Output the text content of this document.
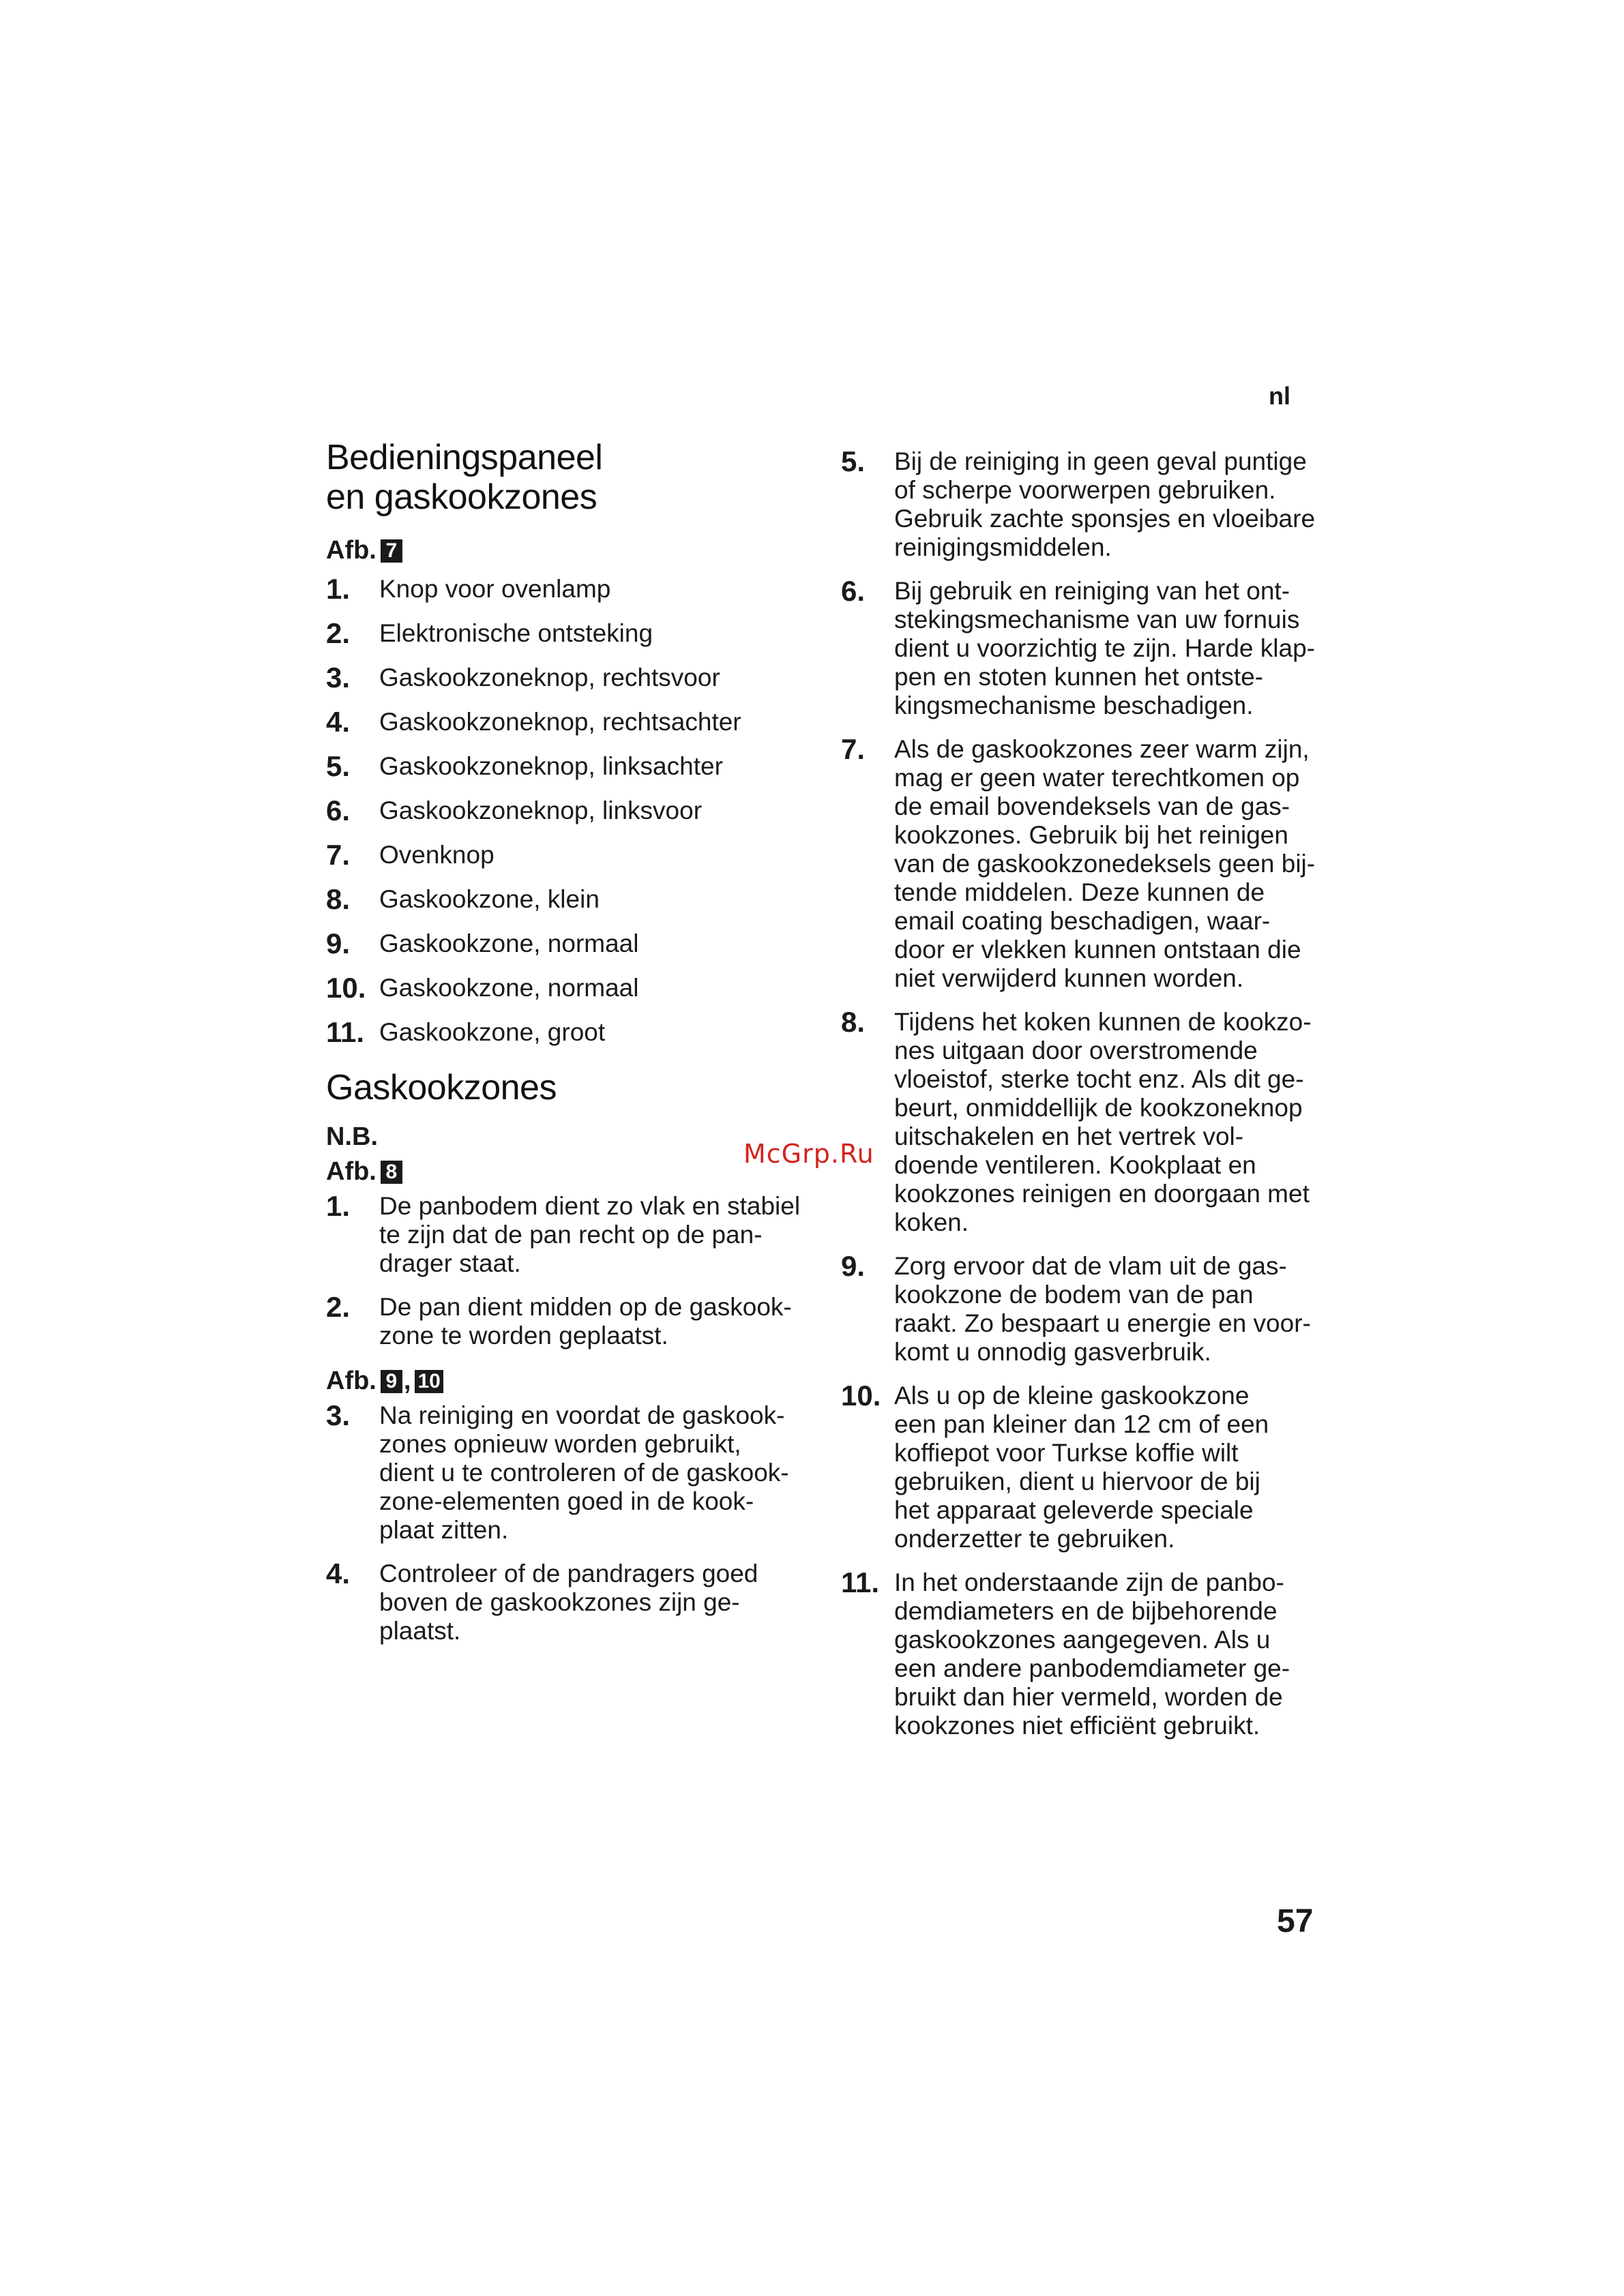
nl
McGrp.Ru
Bedieningspaneel
en gaskookzones
Afb. 7
1.	Knop voor ovenlamp
2.	Elektronische ontsteking
3.	Gaskookzoneknop, rechtsvoor
4.	Gaskookzoneknop, rechtsachter
5.	Gaskookzoneknop, linksachter
6.	Gaskookzoneknop, linksvoor
7.	Ovenknop
8.	Gaskookzone, klein
9.	Gaskookzone, normaal
10. Gaskookzone, normaal
11. Gaskookzone, groot
Gaskookzones
N.B.
Afb. 8
1.	De panbodem dient zo vlak en stabiel
te zijn dat de pan recht op de pan-
drager staat.
2.	De pan dient midden op de gaskook-
zone te worden geplaatst.
Afb. 9 , 10
3.	Na reiniging en voordat de gaskook-
zones opnieuw worden gebruikt,
dient u te controleren of de gaskook-
zone-elementen goed in de kook-
plaat zitten.
4.	Controleer of de pandragers goed
boven de gaskookzones zijn ge-
plaatst.
5.	Bij de reiniging in geen geval puntige
of scherpe voorwerpen gebruiken.
Gebruik zachte sponsjes en vloeibare
reinigingsmiddelen.
6.	Bij gebruik en reiniging van het ont-
stekingsmechanisme van uw fornuis
dient u voorzichtig te zijn. Harde klap-
pen en stoten kunnen het ontste-
kingsmechanisme beschadigen.
7.	Als de gaskookzones zeer warm zijn,
mag er geen water terechtkomen op
de email bovendeksels van de gas-
kookzones. Gebruik bij het reinigen
van de gaskookzonedeksels geen bij-
tende middelen. Deze kunnen de
email coating beschadigen, waar-
door er vlekken kunnen ontstaan die
niet verwijderd kunnen worden.
8.	Tijdens het koken kunnen de kookzo-
nes uitgaan door overstromende
vloeistof, sterke tocht enz. Als dit ge-
beurt, onmiddellijk de kookzoneknop
uitschakelen en het vertrek vol-
doende ventileren. Kookplaat en
kookzones reinigen en doorgaan met
koken.
9.	Zorg ervoor dat de vlam uit de gas-
kookzone de bodem van de pan
raakt. Zo bespaart u energie en voor-
komt u onnodig gasverbruik.
10. Als u op de kleine gaskookzone
een pan kleiner dan 12 cm of een
koffiepot voor Turkse koffie wilt
gebruiken, dient u hiervoor de bij
het apparaat geleverde speciale
onderzetter te gebruiken.
11. In het onderstaande zijn de panbo-
demdiameters en de bijbehorende
gaskookzones aangegeven. Als u
een andere panbodemdiameter ge-
bruikt dan hier vermeld, worden de
kookzones niet efficiënt gebruikt.
57
